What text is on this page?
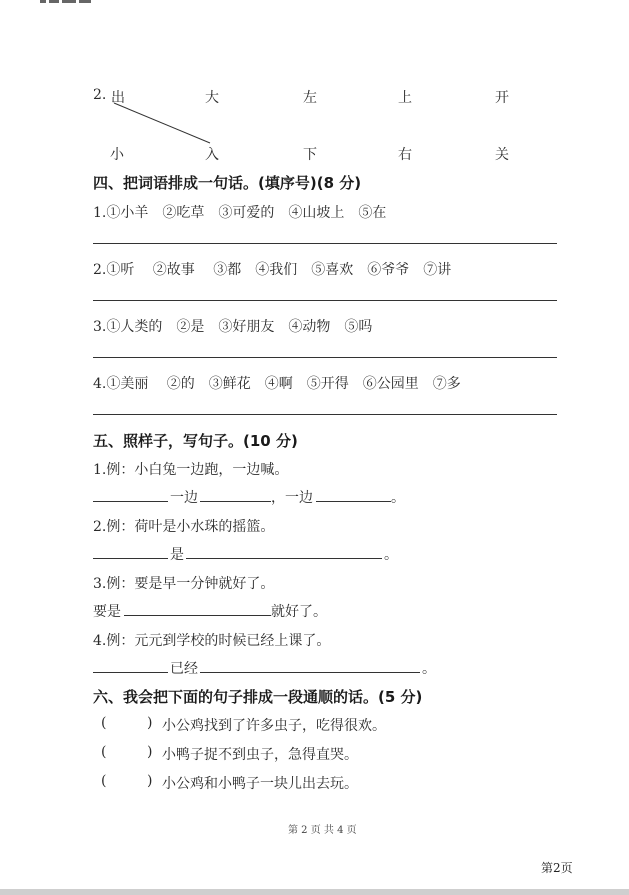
2. 出	大	左	上	开
小	入	下	右	关
四、把词语排成一句话。(填序号)(8 分)
1.①小羊　②吃草　③可爱的　④山坡上　⑤在
2.①听　 ②故事　 ③都　④我们　⑤喜欢　⑥爷爷　⑦讲
3.①人类的　②是　③好朋友　④动物　⑤吗
4.①美丽　 ②的　③鲜花　④啊　⑤开得　⑥公园里　⑦多
五、照样子，写句子。(10 分)
1.例：小白兔一边跑，一边喊。
一边	，一边	。
2.例：荷叶是小水珠的摇篮。
是	。
3.例：要是早一分钟就好了。
要是	就好了。
4.例：元元到学校的时候已经上课了。
已经	。
六、我会把下面的句子排成一段通顺的话。(5 分)
(	) 小公鸡找到了许多虫子，吃得很欢。
(	) 小鸭子捉不到虫子，急得直哭。
(	) 小公鸡和小鸭子一块儿出去玩。
第 2 页 共 4 页
第2页
